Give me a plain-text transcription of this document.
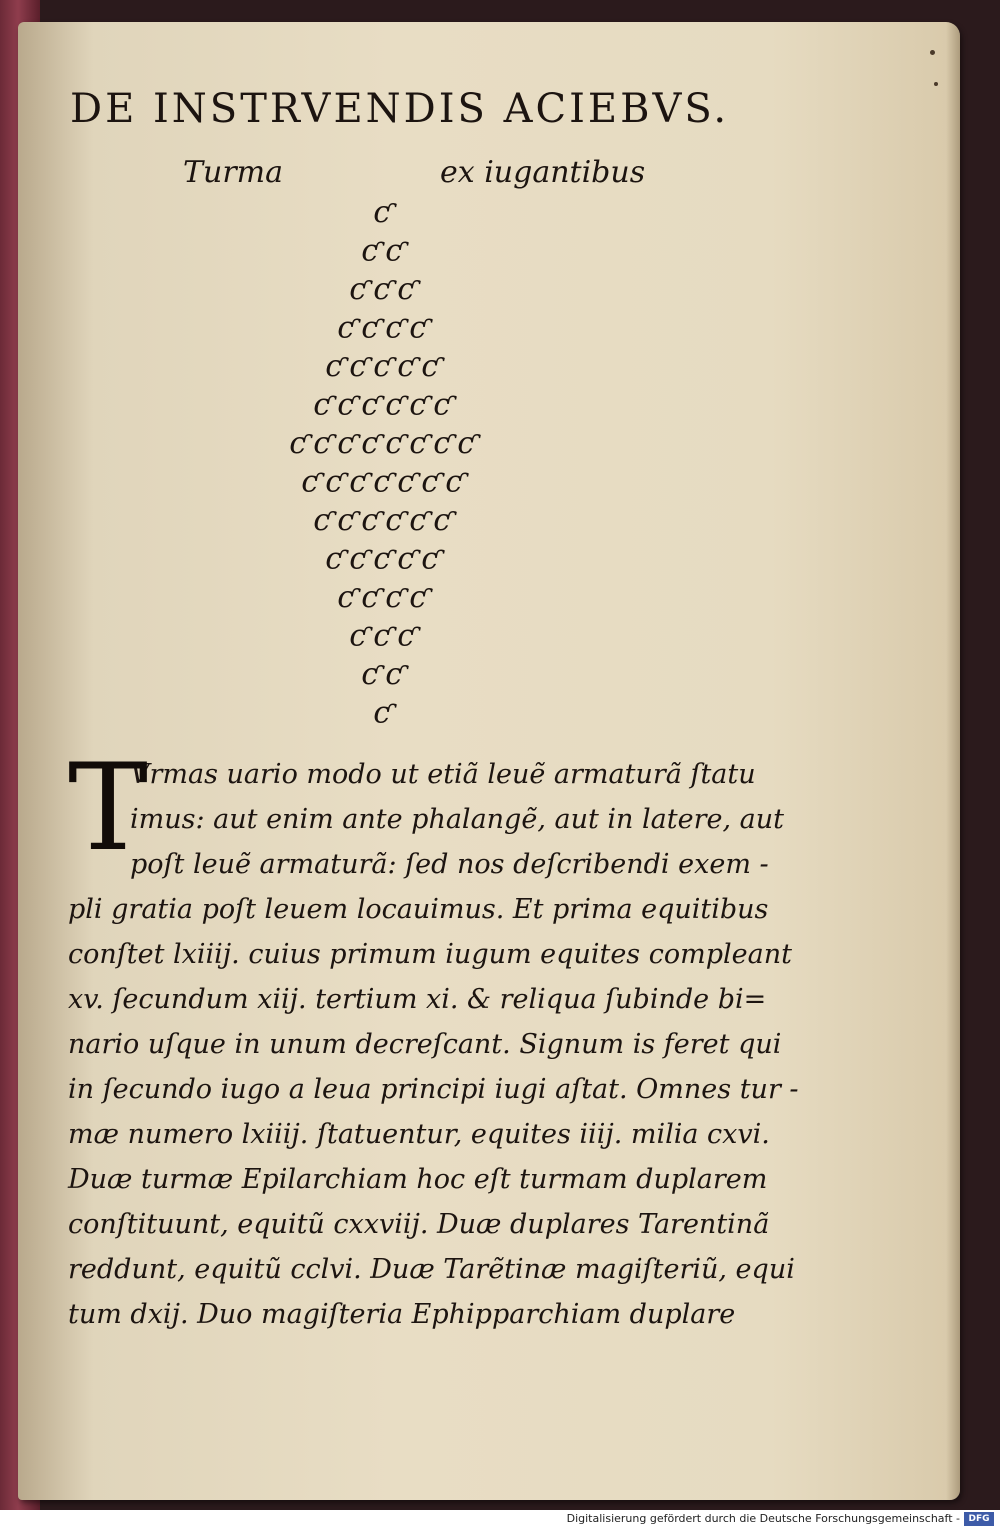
DE INSTRVENDIS ACIEBVS.
Turma	ex iugantibus
ƈ
ƈ ƈ
ƈ ƈ ƈ
ƈ ƈ ƈ ƈ
ƈ ƈ ƈ ƈ ƈ
ƈ ƈ ƈ ƈ ƈ ƈ
ƈ ƈ ƈ ƈ ƈ ƈ ƈ ƈ
ƈ ƈ ƈ ƈ ƈ ƈ ƈ
ƈ ƈ ƈ ƈ ƈ ƈ
ƈ ƈ ƈ ƈ ƈ
ƈ ƈ ƈ ƈ
ƈ ƈ ƈ
ƈ ƈ
ƈ
T
Vrmas uario modo ut etiã leuẽ armaturã ſtatu
imus: aut enim ante phalangẽ, aut in latere, aut
poſt leuẽ armaturã: ſed nos deſcribendi exem -
pli gratia poſt leuem locauimus. Et prima equitibus
conſtet lxiiij. cuius primum iugum equites compleant
xv. ſecundum xiij. tertium xi. & reliqua ſubinde bi=
nario uſque in unum decreſcant. Signum is feret qui
in ſecundo iugo a leua principi iugi aſtat. Omnes tur -
mæ numero lxiiij. ſtatuentur, equites iiij. milia cxvi.
Duæ turmæ Epilarchiam hoc eſt turmam duplarem
conſtituunt, equitũ cxxviij. Duæ duplares Tarentinã
reddunt, equitũ cclvi. Duæ Tarẽtinæ magiſteriũ, equi
tum dxij. Duo magiſteria Ephipparchiam duplare
Digitalisierung gefördert durch die Deutsche Forschungsgemeinschaft - DFG
